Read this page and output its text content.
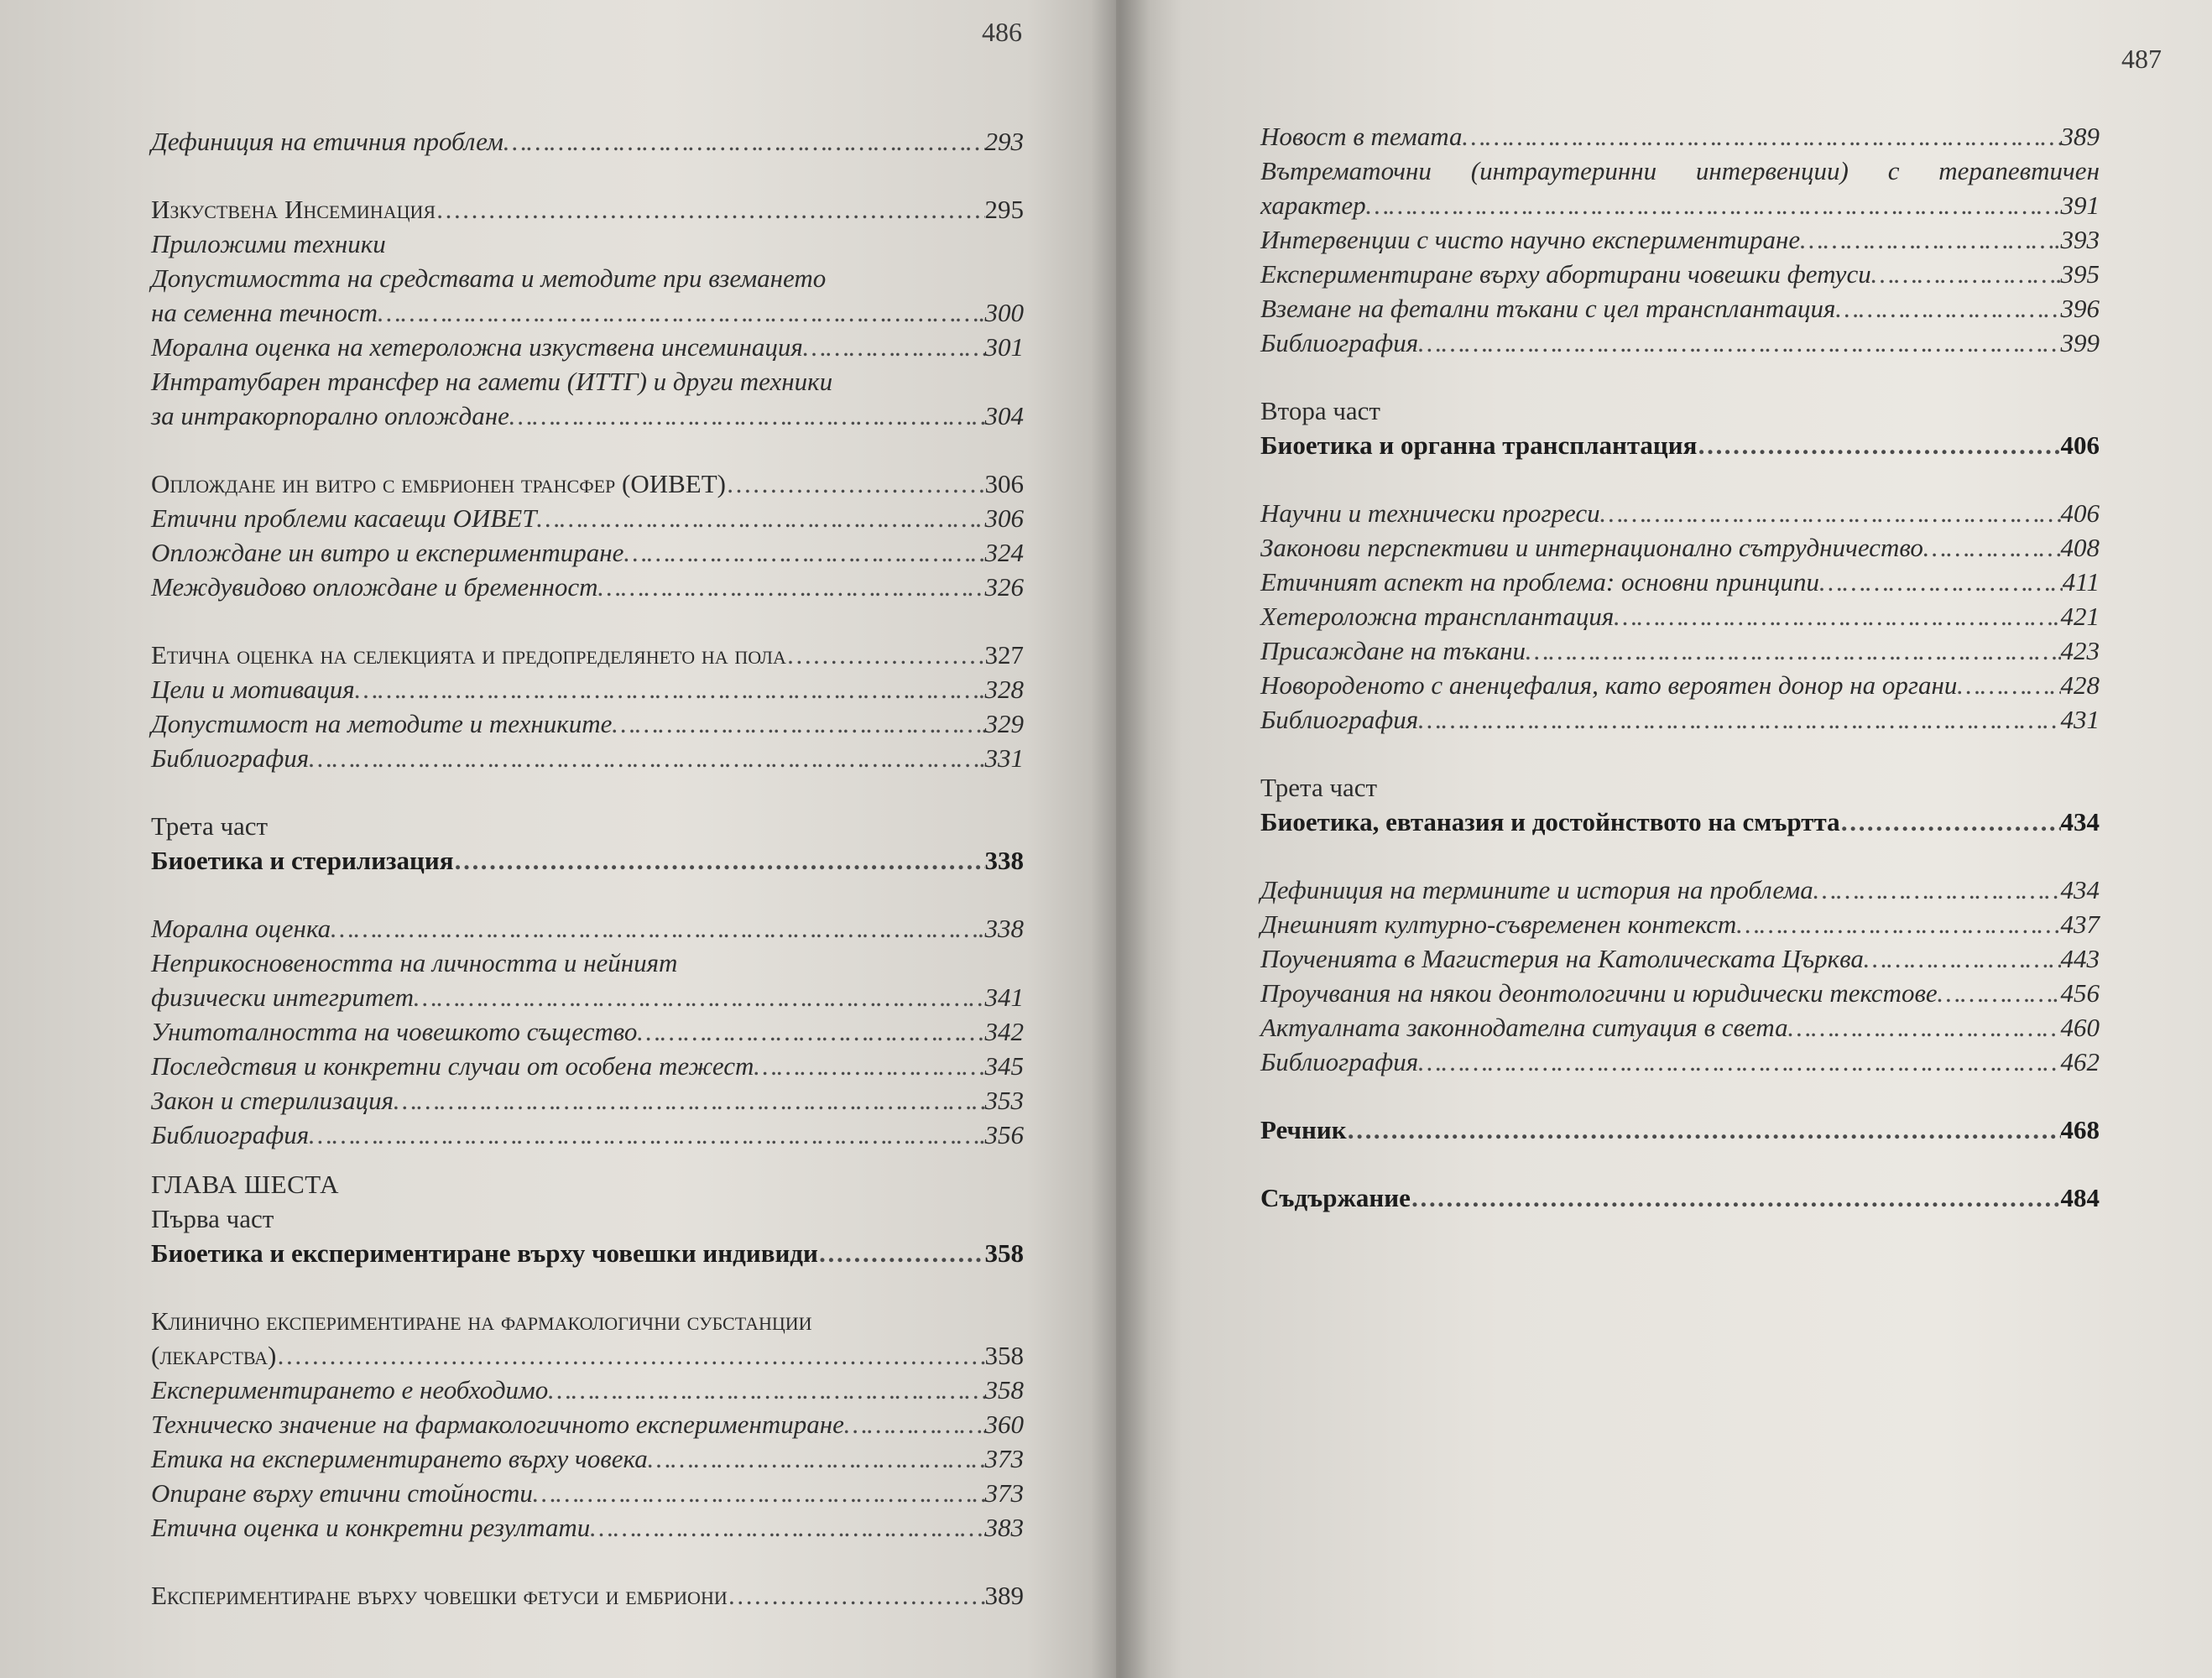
486
Дефиниция на етичния проблем ……………………………………………………………………………………………………………………………………………………………………………………………………	293
Изкуствена Инсеминация ……………………………………………………………………………………………………………………………………………………………………………………………………	295
Приложими техники
Допустимостта на средствата и методите при вземането
на семенна течност ……………………………………………………………………………………………………………………………………………………………………………………………………	300
Морална оценка на хетероложна изкуствена инсеминация ……………………………………………………………………………………………………………………………………………………………………………………………………	301
Интратубарен трансфер на гамети (ИТТГ) и други техники
за интракорпорално оплождане ……………………………………………………………………………………………………………………………………………………………………………………………………	304
Оплождане ин витро с ембрионен трансфер (ОИВЕТ) ……………………………………………………………………………………………………………………………………………………………………………………………………	306
Етични проблеми касаещи ОИВЕТ ……………………………………………………………………………………………………………………………………………………………………………………………………	306
Оплождане ин витро и експериментиране ……………………………………………………………………………………………………………………………………………………………………………………………………	324
Междувидово оплождане и бременност ……………………………………………………………………………………………………………………………………………………………………………………………………	326
Етична оценка на селекцията и предопределянето на пола ……………………………………………………………………………………………………………………………………………………………………………………………………	327
Цели и мотивация ……………………………………………………………………………………………………………………………………………………………………………………………………	328
Допустимост на методите и техниките ……………………………………………………………………………………………………………………………………………………………………………………………………	329
Библиография ……………………………………………………………………………………………………………………………………………………………………………………………………	331
Трета част
Биоетика и стерилизация ……………………………………………………………………………………………………………………………………………………………………………………………………	338
Морална оценка ……………………………………………………………………………………………………………………………………………………………………………………………………	338
Неприкосновеността на личността и нейният
физически интегритет ……………………………………………………………………………………………………………………………………………………………………………………………………	341
Унитоталността на човешкото същество ……………………………………………………………………………………………………………………………………………………………………………………………………	342
Последствия и конкретни случаи от особена тежест ……………………………………………………………………………………………………………………………………………………………………………………………………	345
Закон и стерилизация ……………………………………………………………………………………………………………………………………………………………………………………………………	353
Библиография ……………………………………………………………………………………………………………………………………………………………………………………………………	356
ГЛАВА ШЕСТА
Първа част
Биоетика и експериментиране върху човешки индивиди ……………………………………………………………………………………………………………………………………………………………………………………………………	358
Клинично експериментиране на фармакологични субстанции
(лекарства) ……………………………………………………………………………………………………………………………………………………………………………………………………	358
Експериментирането е необходимо ……………………………………………………………………………………………………………………………………………………………………………………………………	358
Техническо значение на фармакологичното експериментиране ……………………………………………………………………………………………………………………………………………………………………………………………………	360
Етика на експериментирането върху човека ……………………………………………………………………………………………………………………………………………………………………………………………………	373
Опиране върху етични стойности ……………………………………………………………………………………………………………………………………………………………………………………………………	373
Етична оценка и конкретни резултати ……………………………………………………………………………………………………………………………………………………………………………………………………	383
Експериментиране върху човешки фетуси и ембриони ……………………………………………………………………………………………………………………………………………………………………………………………………	389
487
Новост в темата ……………………………………………………………………………………………………………………………………………………………………………………………………	389
Вътрематочни (интраутеринни интервенции) с терапевтичен
характер ……………………………………………………………………………………………………………………………………………………………………………………………………	391
Интервенции с чисто научно експериментиране ……………………………………………………………………………………………………………………………………………………………………………………………………	393
Експериментиране върху абортирани човешки фетуси ……………………………………………………………………………………………………………………………………………………………………………………………………	395
Вземане на фетални тъкани с цел трансплантация ……………………………………………………………………………………………………………………………………………………………………………………………………	396
Библиография ……………………………………………………………………………………………………………………………………………………………………………………………………	399
Втора част
Биоетика и органна трансплантация ……………………………………………………………………………………………………………………………………………………………………………………………………	406
Научни и технически прогреси ……………………………………………………………………………………………………………………………………………………………………………………………………	406
Законови перспективи и интернационално сътрудничество ……………………………………………………………………………………………………………………………………………………………………………………………………	408
Етичният аспект на проблема: основни принципи ……………………………………………………………………………………………………………………………………………………………………………………………………	411
Хетероложна трансплантация ……………………………………………………………………………………………………………………………………………………………………………………………………	421
Присаждане на тъкани ……………………………………………………………………………………………………………………………………………………………………………………………………	423
Новороденото с аненцефалия, като вероятен донор на органи ……………………………………………………………………………………………………………………………………………………………………………………………………	428
Библиография ……………………………………………………………………………………………………………………………………………………………………………………………………	431
Трета част
Биоетика, евтаназия и достойнството на смъртта ……………………………………………………………………………………………………………………………………………………………………………………………………	434
Дефиниция на термините и история на проблема ……………………………………………………………………………………………………………………………………………………………………………………………………	434
Днешният културно-съвременен контекст ……………………………………………………………………………………………………………………………………………………………………………………………………	437
Поученията в Магистерия на Католическата Църква ……………………………………………………………………………………………………………………………………………………………………………………………………	443
Проучвания на някои деонтологични и юридически текстове ……………………………………………………………………………………………………………………………………………………………………………………………………	456
Актуалната законнодателна ситуация в света ……………………………………………………………………………………………………………………………………………………………………………………………………	460
Библиография ……………………………………………………………………………………………………………………………………………………………………………………………………	462
Речник ……………………………………………………………………………………………………………………………………………………………………………………………………	468
Съдържание ……………………………………………………………………………………………………………………………………………………………………………………………………	484
